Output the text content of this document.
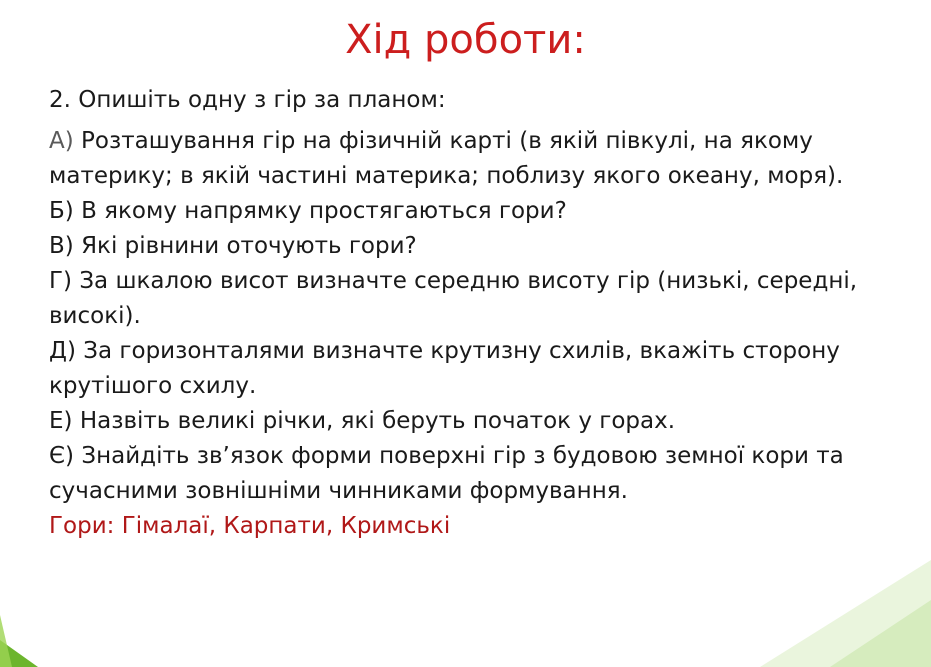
Хід роботи:

2. Опишіть одну з гір за планом:

А) Розташування гір на фізичній карті (в якій півкулі, на якому материку; в якій частині материка; поблизу якого океану, моря).

Б) В якому напрямку простягаються гори?

В) Які рівнини оточують гори?

Г) За шкалою висот визначте середню висоту гір (низькі, середні, високі).

Д) За горизонталями визначте крутизну схилів, вкажіть сторону крутішого схилу.

Е) Назвіть великі річки, які беруть початок у горах.

Є) Знайдіть зв’язок форми поверхні гір з будовою земної кори та сучасними зовнішніми чинниками формування.

Гори: Гімалаї, Карпати, Кримські
